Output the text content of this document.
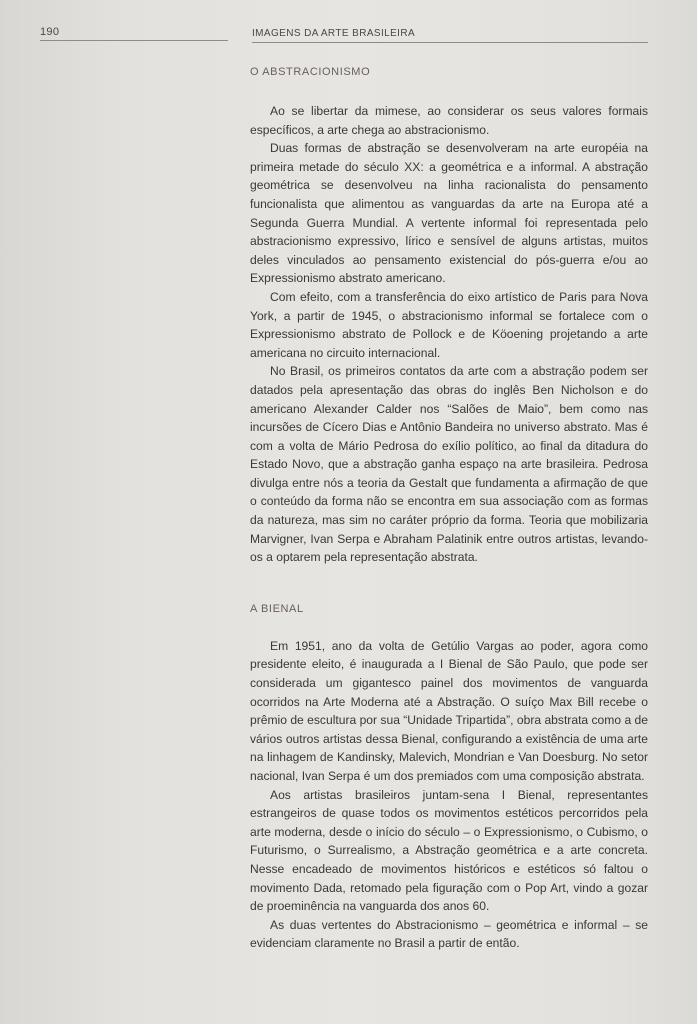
190	IMAGENS DA ARTE BRASILEIRA
O ABSTRACIONISMO

Ao se libertar da mimese, ao considerar os seus valores formais específicos, a arte chega ao abstracionismo.

Duas formas de abstração se desenvolveram na arte européia na primeira metade do século XX: a geométrica e a informal. A abstração geométrica se desenvolveu na linha racionalista do pensamento funcionalista que alimentou as vanguardas da arte na Europa até a Segunda Guerra Mundial. A vertente informal foi representada pelo abstracionismo expressivo, lírico e sensível de alguns artistas, muitos deles vinculados ao pensamento existencial do pós-guerra e/ou ao Expressionismo abstrato americano.

Com efeito, com a transferência do eixo artístico de Paris para Nova York, a partir de 1945, o abstracionismo informal se fortalece com o Expressionismo abstrato de Pollock e de Köoening projetando a arte americana no circuito internacional.

No Brasil, os primeiros contatos da arte com a abstração podem ser datados pela apresentação das obras do inglês Ben Nicholson e do americano Alexander Calder nos “Salões de Maio”, bem como nas incursões de Cícero Dias e Antônio Bandeira no universo abstrato. Mas é com a volta de Mário Pedrosa do exílio político, ao final da ditadura do Estado Novo, que a abstração ganha espaço na arte brasileira. Pedrosa divulga entre nós a teoria da Gestalt que fundamenta a afirmação de que o conteúdo da forma não se encontra em sua associação com as formas da natureza, mas sim no caráter próprio da forma. Teoria que mobilizaria Marvigner, Ivan Serpa e Abraham Palatinik entre outros artistas, levando-os a optarem pela representação abstrata.

A BIENAL

Em 1951, ano da volta de Getúlio Vargas ao poder, agora como presidente eleito, é inaugurada a I Bienal de São Paulo, que pode ser considerada um gigantesco painel dos movimentos de vanguarda ocorridos na Arte Moderna até a Abstração. O suíço Max Bill recebe o prêmio de escultura por sua “Unidade Tripartida”, obra abstrata como a de vários outros artistas dessa Bienal, configurando a existência de uma arte na linhagem de Kandinsky, Malevich, Mondrian e Van Doesburg. No setor nacional, Ivan Serpa é um dos premiados com uma composição abstrata.

Aos artistas brasileiros juntam-sena I Bienal, representantes estrangeiros de quase todos os movimentos estéticos percorridos pela arte moderna, desde o início do século – o Expressionismo, o Cubismo, o Futurismo, o Surrealismo, a Abstração geométrica e a arte concreta. Nesse encadeado de movimentos históricos e estéticos só faltou o movimento Dada, retomado pela figuração com o Pop Art, vindo a gozar de proeminência na vanguarda dos anos 60.

As duas vertentes do Abstracionismo – geométrica e informal – se evidenciam claramente no Brasil a partir de então.
